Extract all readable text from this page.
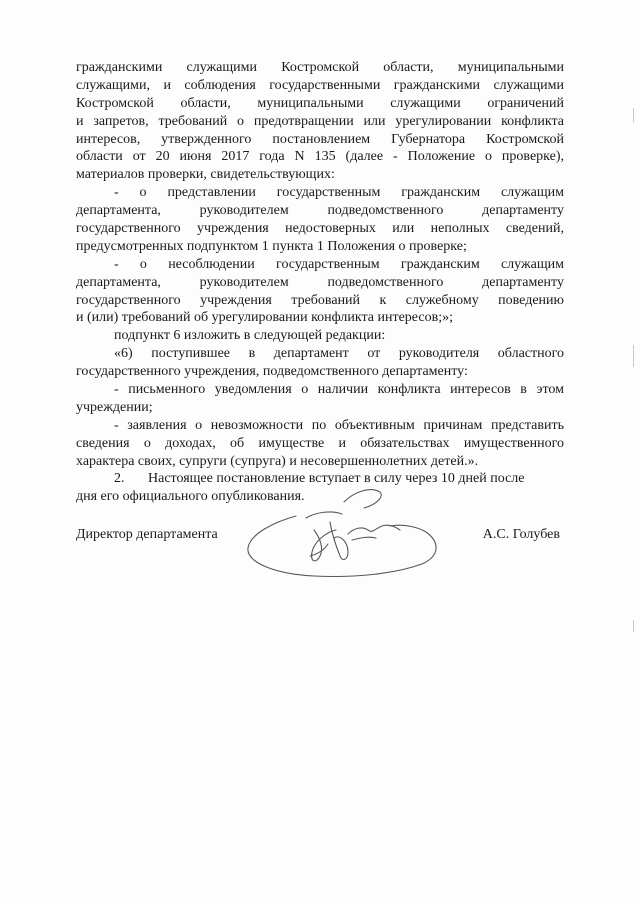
гражданскими служащими Костромской области, муниципальными
служащими, и соблюдения государственными гражданскими служащими
Костромской области, муниципальными служащими ограничений
и запретов, требований о предотвращении или урегулировании конфликта
интересов, утвержденного постановлением Губернатора Костромской
области от 20 июня 2017 года N 135 (далее - Положение о проверке),
материалов проверки, свидетельствующих:
- о представлении государственным гражданским служащим
департамента, руководителем подведомственного департаменту
государственного учреждения недостоверных или неполных сведений,
предусмотренных подпунктом 1 пункта 1 Положения о проверке;
- о несоблюдении государственным гражданским служащим
департамента, руководителем подведомственного департаменту
государственного учреждения требований к служебному поведению
и (или) требований об урегулировании конфликта интересов;»;
подпункт 6 изложить в следующей редакции:
«6) поступившее в департамент от руководителя областного
государственного учреждения, подведомственного департаменту:
- письменного уведомления о наличии конфликта интересов в этом
учреждении;
- заявления о невозможности по объективным причинам представить
сведения о доходах, об имуществе и обязательствах имущественного
характера своих, супруги (супруга) и несовершеннолетних детей.».
2. Настоящее постановление вступает в силу через 10 дней после
дня его официального опубликования.
Директор департамента	А.С. Голубев
